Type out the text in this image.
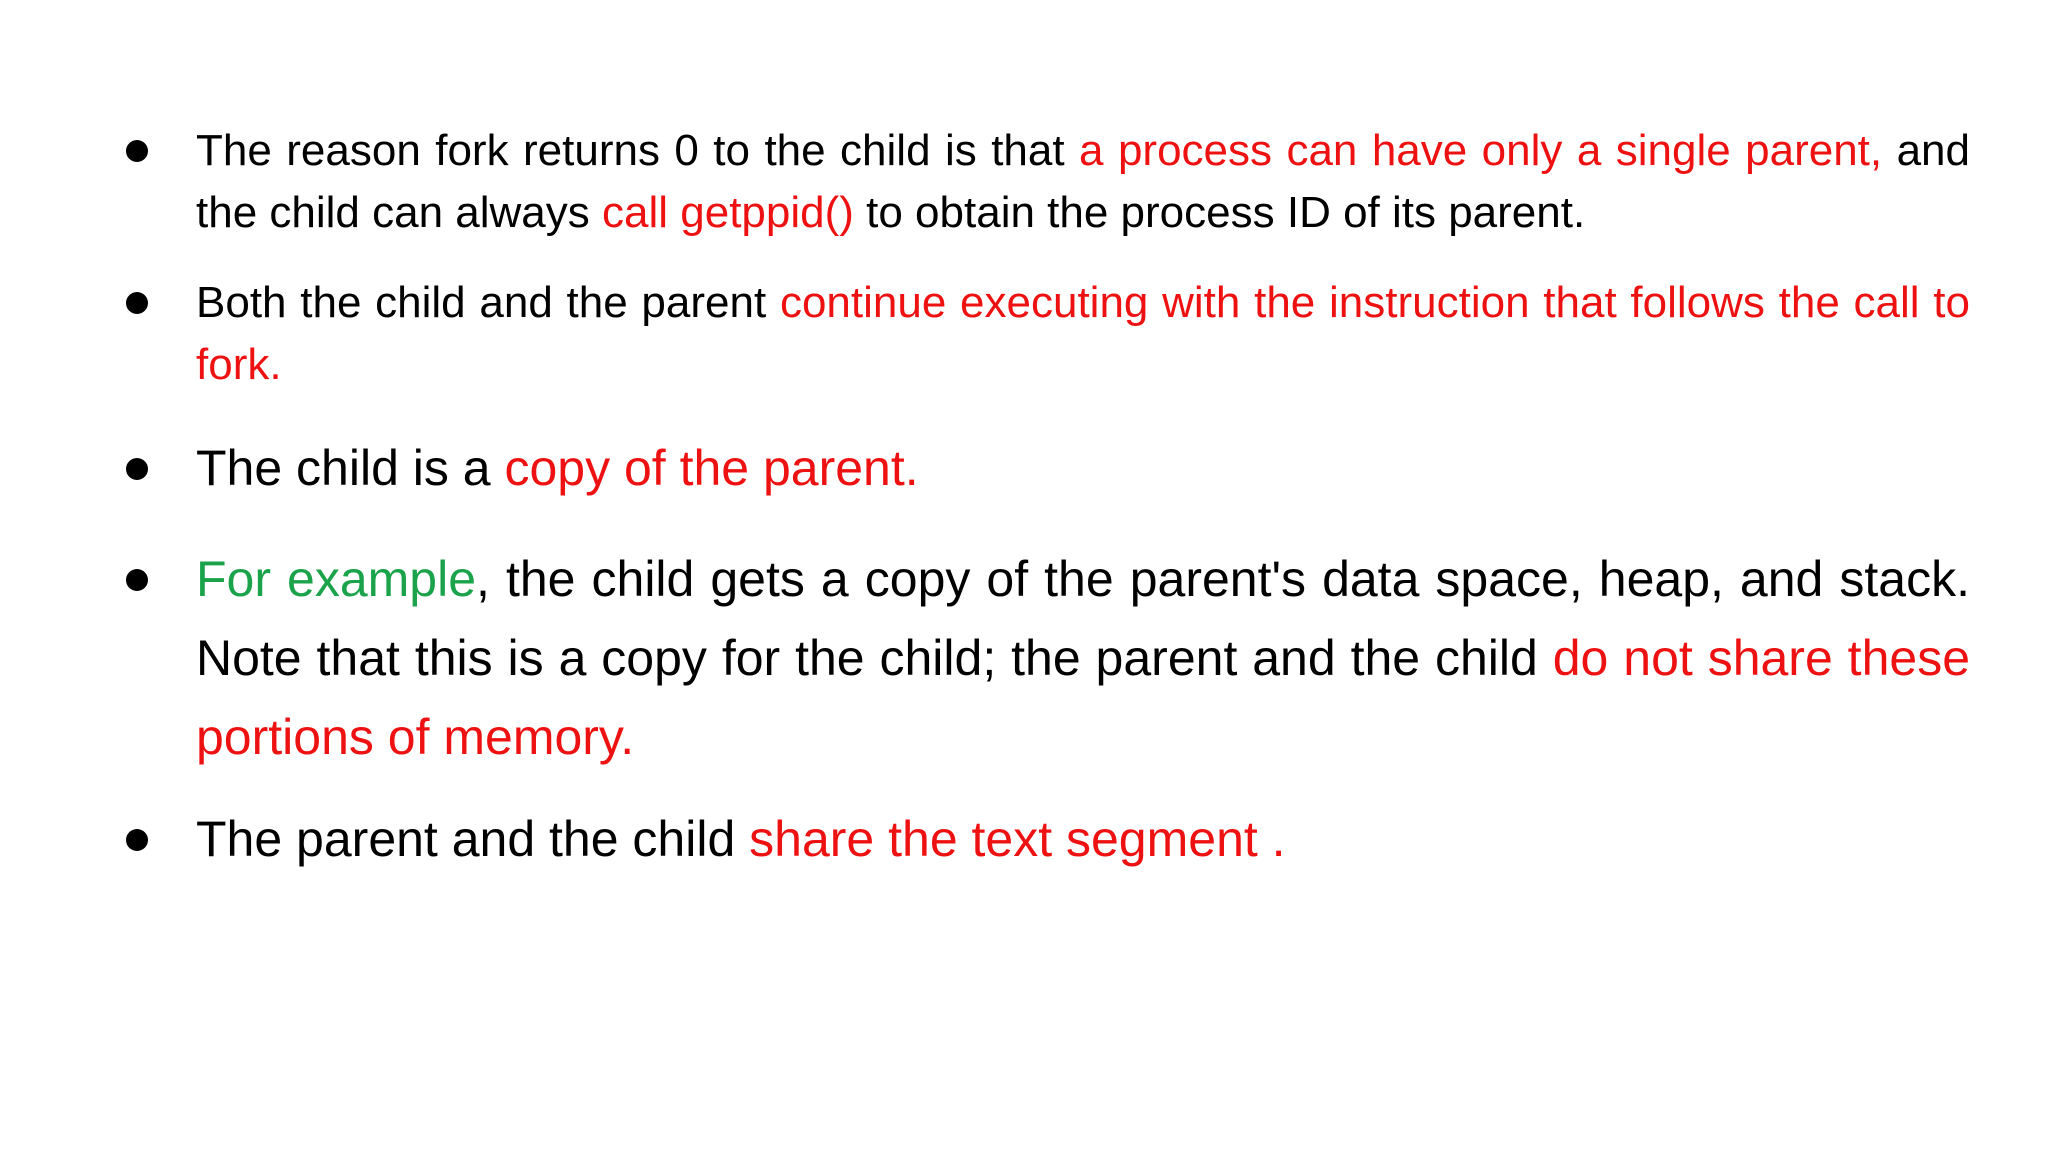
The reason fork returns 0 to the child is that a process can have only a single parent, and the child can always call getppid() to obtain the process ID of its parent.
Both the child and the parent continue executing with the instruction that follows the call to fork.
The child is a copy of the parent.
For example, the child gets a copy of the parent's data space, heap, and stack. Note that this is a copy for the child; the parent and the child do not share these portions of memory.
The parent and the child share the text segment .
